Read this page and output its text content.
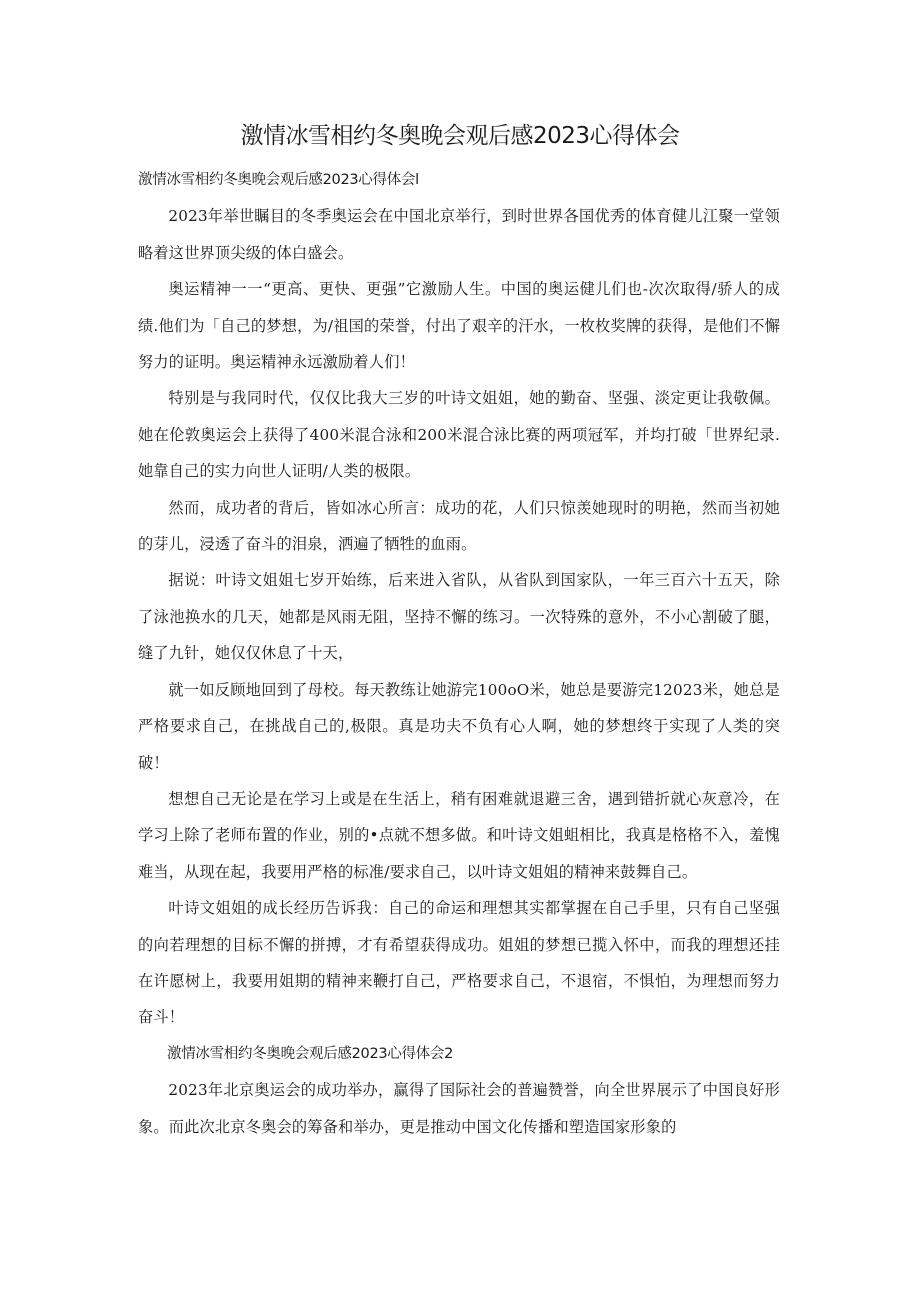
激情冰雪相约冬奥晚会观后感2023心得体会

激情冰雪相约冬奥晚会观后感2023心得体会l

2023年举世瞩目的冬季奥运会在中国北京举行，到时世界各国优秀的体育健儿江聚一堂领略着这世界顶尖级的体白盛会。

奥运精神一一“更高、更快、更强”它激励人生。中国的奥运健儿们也-次次取得/骄人的成绩.他们为「自己的梦想，为/祖国的荣誉，付出了艰辛的汗水，一枚枚奖牌的获得，是他们不懈努力的证明。奥运精神永远激励着人们！

特别是与我同时代，仅仅比我大三岁的叶诗文姐姐，她的勤奋、坚强、淡定更让我敬佩。她在伦敦奥运会上获得了400米混合泳和200米混合泳比赛的两项冠军，并均打破「世界纪录.她靠自己的实力向世人证明/人类的极限。

然而，成功者的背后，皆如冰心所言：成功的花，人们只惊羡她现时的明艳，然而当初她的芽儿，浸透了奋斗的泪泉，洒遍了牺牲的血雨。

据说：叶诗文姐姐七岁开始练，后来进入省队，从省队到国家队，一年三百六十五天，除了泳池换水的几天，她都是风雨无阻，坚持不懈的练习。一次特殊的意外，不小心割破了腿，缝了九针，她仅仅休息了十天，

就一如反顾地回到了母校。每天教练让她游完100oO米，她总是要游完12023米，她总是严格要求自己，在挑战自己的,极限。真是功夫不负有心人啊，她的梦想终于实现了人类的突破！

想想自己无论是在学习上或是在生活上，稍有困难就退避三舍，遇到错折就心灰意冷，在学习上除了老师布置的作业，别的•点就不想多做。和叶诗文姐蛆相比，我真是格格不入，羞愧难当，从现在起，我要用严格的标准/要求自己，以叶诗文姐姐的精神来鼓舞自己。

叶诗文姐姐的成长经历告诉我：自己的命运和理想其实都掌握在自己手里，只有自己坚强的向若理想的目标不懈的拼搏，才有希望获得成功。姐姐的梦想已揽入怀中，而我的理想还挂在许愿树上，我要用姐期的精神来鞭打自己，严格要求自己，不退宿，不惧怕，为理想而努力奋斗！

激情冰雪相约冬奥晚会观后感2023心得体会2

2023年北京奥运会的成功举办，赢得了国际社会的普遍赞誉，向全世界展示了中国良好形象。而此次北京冬奥会的筹备和举办，更是推动中国文化传播和塑造国家形象的
